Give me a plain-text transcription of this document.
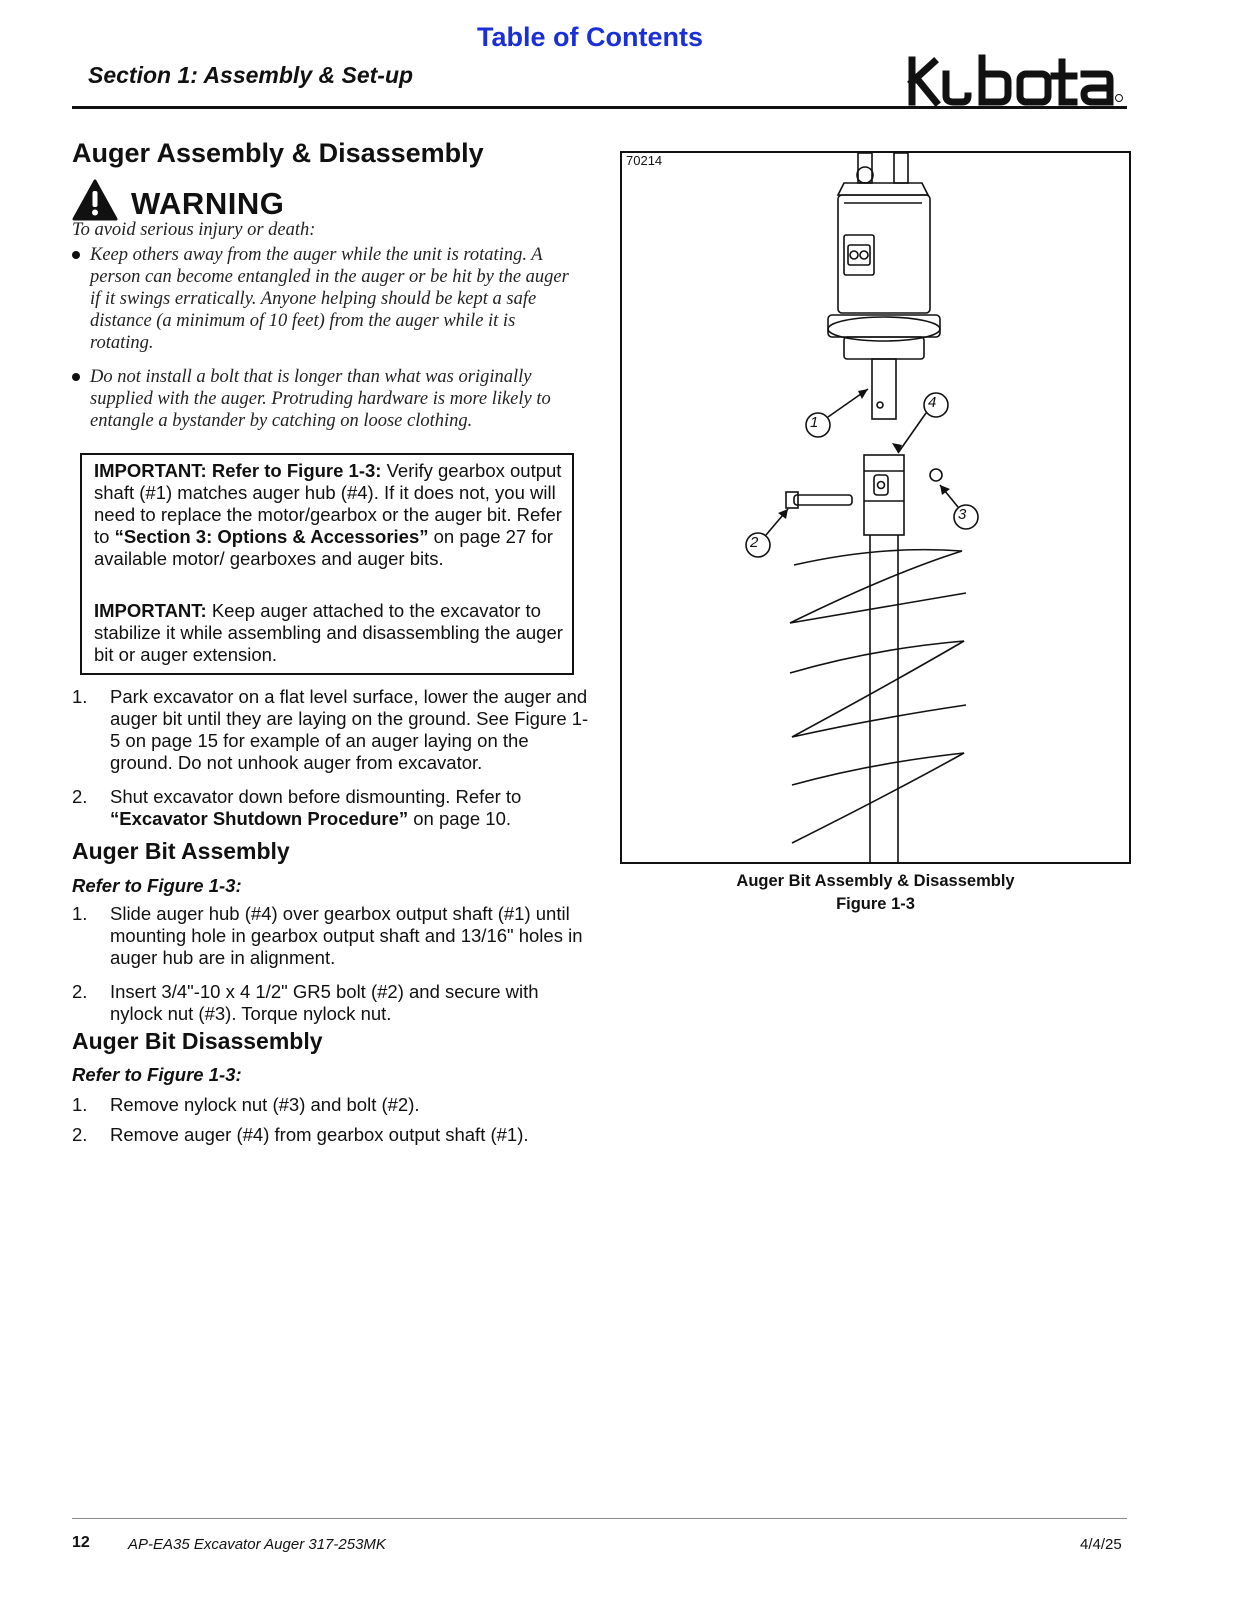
Table of Contents
Section 1: Assembly & Set-up
Auger Assembly & Disassembly
WARNING
To avoid serious injury or death:
Keep others away from the auger while the unit is rotating. A person can become entangled in the auger or be hit by the auger if it swings erratically. Anyone helping should be kept a safe distance (a minimum of 10 feet) from the auger while it is rotating.
Do not install a bolt that is longer than what was originally supplied with the auger. Protruding hardware is more likely to entangle a bystander by catching on loose clothing.
IMPORTANT: Refer to Figure 1-3: Verify gearbox output shaft (#1) matches auger hub (#4). If it does not, you will need to replace the motor/gearbox or the auger bit. Refer to “Section 3: Options & Accessories” on page 27 for available motor/ gearboxes and auger bits.
IMPORTANT: Keep auger attached to the excavator to stabilize it while assembling and disassembling the auger bit or auger extension.
1. Park excavator on a flat level surface, lower the auger and auger bit until they are laying on the ground. See Figure 1-5 on page 15 for example of an auger laying on the ground. Do not unhook auger from excavator.
2. Shut excavator down before dismounting. Refer to “Excavator Shutdown Procedure” on page 10.
Auger Bit Assembly
Refer to Figure 1-3:
1. Slide auger hub (#4) over gearbox output shaft (#1) until mounting hole in gearbox output shaft and 13/16" holes in auger hub are in alignment.
2. Insert 3/4"-10 x 4 1/2" GR5 bolt (#2) and secure with nylock nut (#3). Torque nylock nut.
Auger Bit Disassembly
Refer to Figure 1-3:
1. Remove nylock nut (#3) and bolt (#2).
2. Remove auger (#4) from gearbox output shaft (#1).
70214
1
2
3
4
Auger Bit Assembly & Disassembly
Figure 1-3
12	AP-EA35 Excavator Auger 317-253MK	4/4/25
